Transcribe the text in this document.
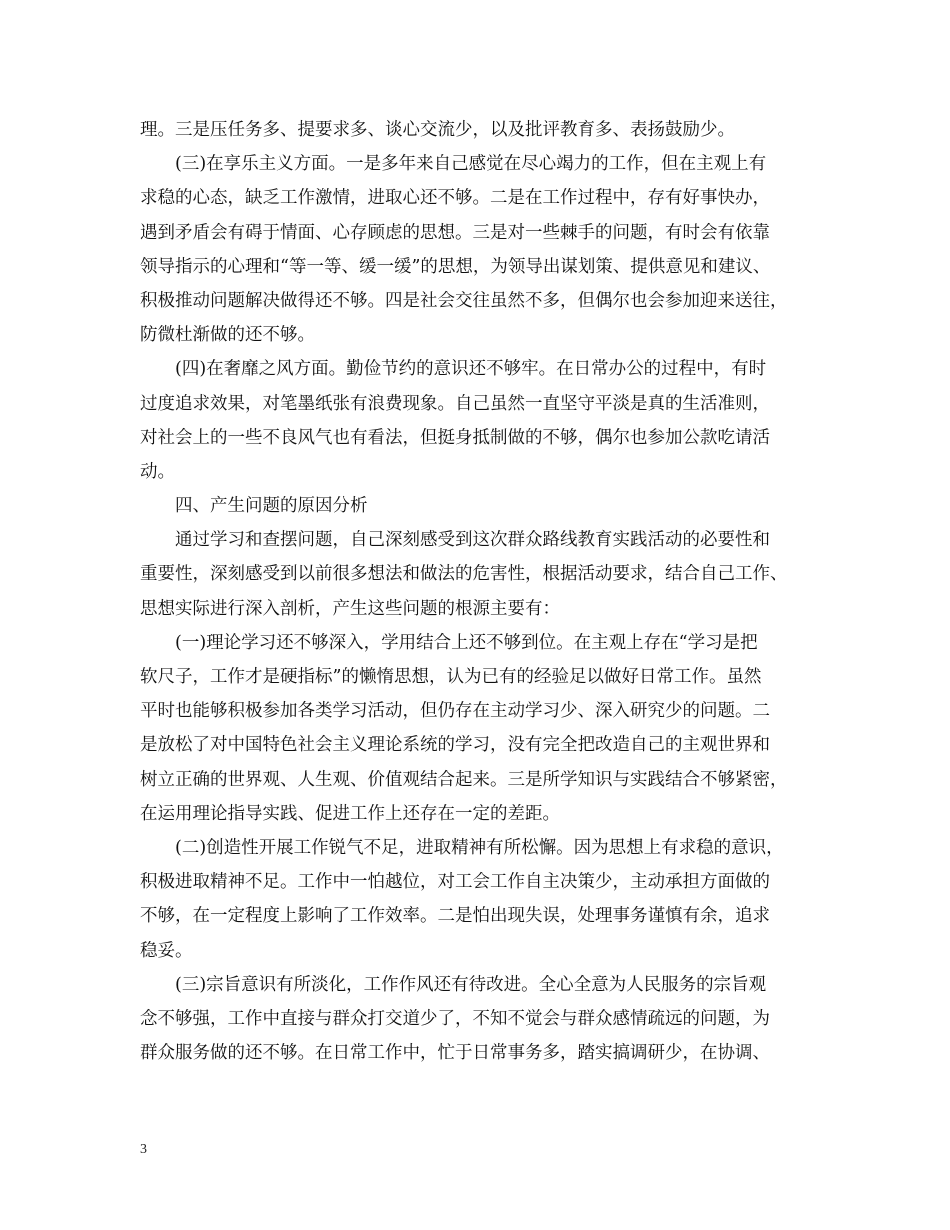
理。三是压任务多、提要求多、谈心交流少，以及批评教育多、表扬鼓励少。
(三)在享乐主义方面。一是多年来自己感觉在尽心竭力的工作，但在主观上有
求稳的心态，缺乏工作激情，进取心还不够。二是在工作过程中，存有好事快办，
遇到矛盾会有碍于情面、心存顾虑的思想。三是对一些棘手的问题，有时会有依靠
领导指示的心理和“等一等、缓一缓”的思想，为领导出谋划策、提供意见和建议、
积极推动问题解决做得还不够。四是社会交往虽然不多，但偶尔也会参加迎来送往，
防微杜渐做的还不够。
(四)在奢靡之风方面。勤俭节约的意识还不够牢。在日常办公的过程中，有时
过度追求效果，对笔墨纸张有浪费现象。自己虽然一直坚守平淡是真的生活准则，
对社会上的一些不良风气也有看法，但挺身抵制做的不够，偶尔也参加公款吃请活
动。
四、产生问题的原因分析
通过学习和查摆问题，自己深刻感受到这次群众路线教育实践活动的必要性和
重要性，深刻感受到以前很多想法和做法的危害性，根据活动要求，结合自己工作、
思想实际进行深入剖析，产生这些问题的根源主要有：
(一)理论学习还不够深入，学用结合上还不够到位。在主观上存在“学习是把
软尺子，工作才是硬指标”的懒惰思想，认为已有的经验足以做好日常工作。虽然
平时也能够积极参加各类学习活动，但仍存在主动学习少、深入研究少的问题。二
是放松了对中国特色社会主义理论系统的学习，没有完全把改造自己的主观世界和
树立正确的世界观、人生观、价值观结合起来。三是所学知识与实践结合不够紧密，
在运用理论指导实践、促进工作上还存在一定的差距。
(二)创造性开展工作锐气不足，进取精神有所松懈。因为思想上有求稳的意识，
积极进取精神不足。工作中一怕越位，对工会工作自主决策少，主动承担方面做的
不够，在一定程度上影响了工作效率。二是怕出现失误，处理事务谨慎有余，追求
稳妥。
(三)宗旨意识有所淡化，工作作风还有待改进。全心全意为人民服务的宗旨观
念不够强，工作中直接与群众打交道少了，不知不觉会与群众感情疏远的问题，为
群众服务做的还不够。在日常工作中，忙于日常事务多，踏实搞调研少，在协调、
3
